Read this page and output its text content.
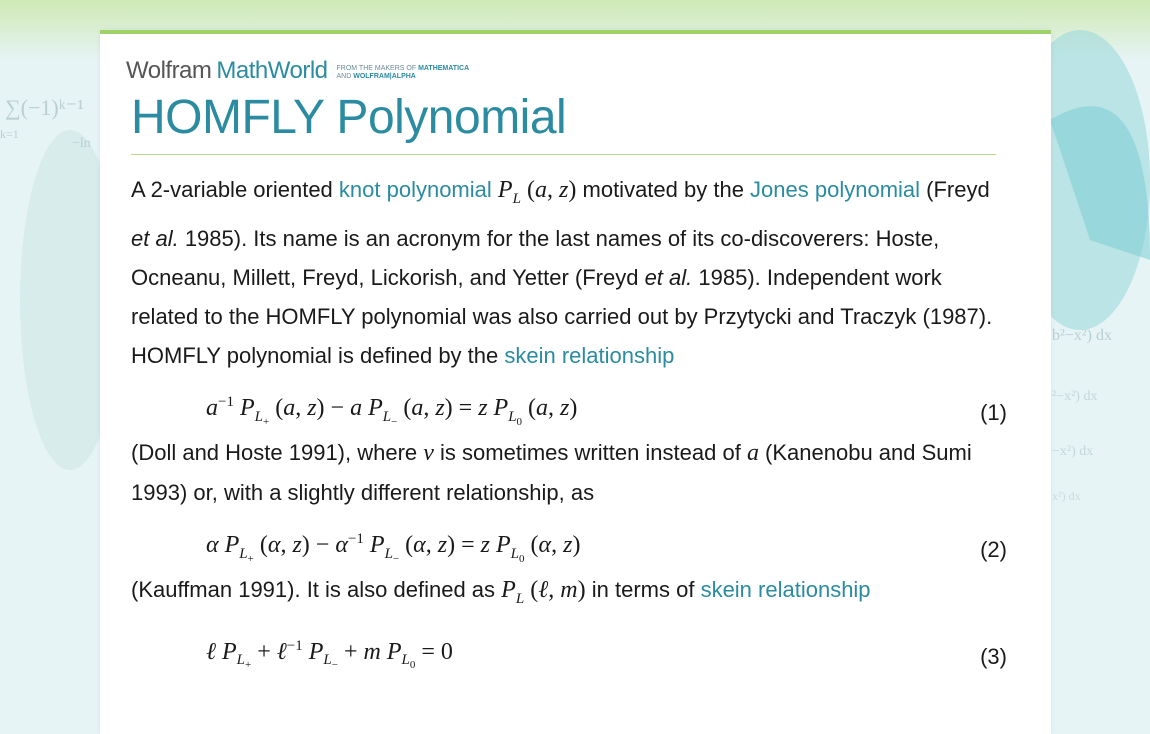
∑(−1)ᵏ⁻¹
k=1
−ln
b²−x²) dx
²−x²) dx
−x²) dx
x²) dx
Wolfram MathWorld FROM THE MAKERS OF MATHEMATICA
AND WOLFRAM|ALPHA
HOMFLY Polynomial

A 2-variable oriented knot polynomial $P_L$ (a, z) motivated by the Jones polynomial (Freyd et al. 1985). Its name is an acronym for the last names of its co-discoverers: Hoste, Ocneanu, Millett, Freyd, Lickorish, and Yetter (Freyd et al. 1985). Independent work related to the HOMFLY polynomial was also carried out by Przytycki and Traczyk (1987). HOMFLY polynomial is defined by the skein relationship

$a^{-1}$ $P_{L_+}$ (a, z) − a $P_{L_-}$ (a, z) = z $P_{L_0}$ (a, z)	(1)

(Doll and Hoste 1991), where v is sometimes written instead of a (Kanenobu and Sumi 1993) or, with a slightly different relationship, as

α $P_{L_+}$ (α, $z) - \alpha^{-1}$ $P_{L_-}$ (α, z) = z $P_{L_0}$ (α, z)	(2)

(Kauffman 1991). It is also defined as $P_L$ (ℓ, m) in terms of skein relationship

ℓ $P_{L_+}$ + ℓ$^{-1}$ $P_{L_-} + m$ $P_{L_0} = 0$	(3)
